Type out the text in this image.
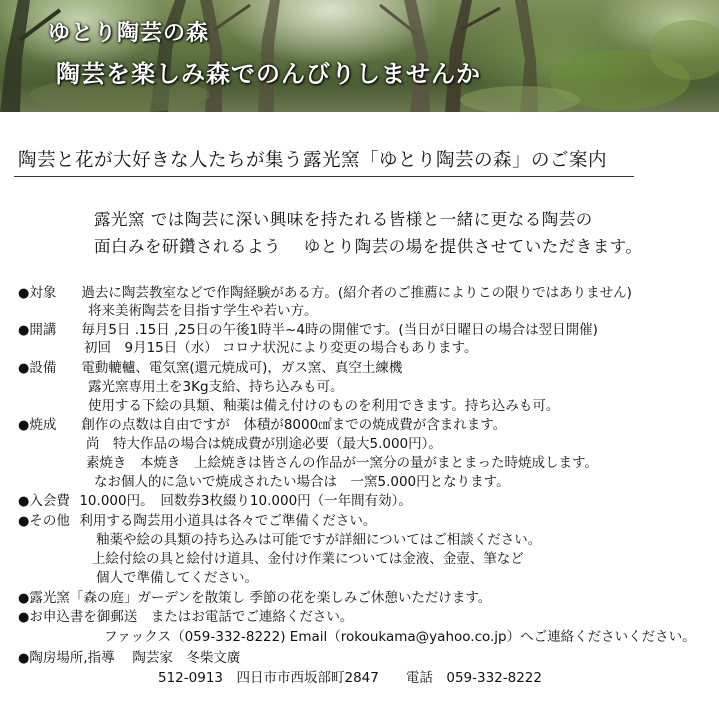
ゆとり陶芸の森
陶芸を楽しみ森でのんびりしませんか
陶芸と花が大好きな人たちが集う露光窯「ゆとり陶芸の森」のご案内

露光窯 では陶芸に深い興味を持たれる皆様と一緒に更なる陶芸の

面白みを研鑽されるよう　 ゆとり陶芸の場を提供させていただきます。

●対象 過去に陶芸教室などで作陶経験がある方。(紹介者のご推薦によりこの限りではありません)

将来美術陶芸を目指す学生や若い方。

●開講 毎月5日 .15日 ,25日の午後1時半~4時の開催です。(当日が日曜日の場合は翌日開催)

初回　9月15日（水） コロナ状況により変更の場合もあります。

●設備 電動轆轤、電気窯(還元焼成可)，ガス窯、真空土練機

露光窯専用土を3Kg支給、持ち込みも可。

使用する下絵の具類、釉薬は備え付けのものを利用できます。持ち込みも可。

●焼成 創作の点数は自由ですが　体積が8000㎤までの焼成費が含まれます。

尚　特大作品の場合は焼成費が別途必要（最大5.000円）。

素焼き　本焼き　上絵焼きは皆さんの作品が一窯分の量がまとまった時焼成します。

なお個人的に急いで焼成されたい場合は　一窯5.000円となります。

●入会費 10.000円。　回数券3枚綴り10.000円（一年間有効）。

●その他 利用する陶芸用小道具は各々でご準備ください。

釉薬や絵の具類の持ち込みは可能ですが詳細についてはご相談ください。

上絵付絵の具と絵付け道具、金付け作業については金液、金壺、筆など

個人で準備してください。

●露光窯「森の庭」ガーデンを散策し 季節の花を楽しみご休憩いただけます。

●お申込書を御郵送　またはお電話でご連絡ください。

ファックス（059-332-8222) Email（rokoukama@yahoo.co.jp）へご連絡くださいください。

●陶房場所,指導　 陶芸家　冬柴文廣

512-0913　四日市市西坂部町2847　　電話　059-332-8222
